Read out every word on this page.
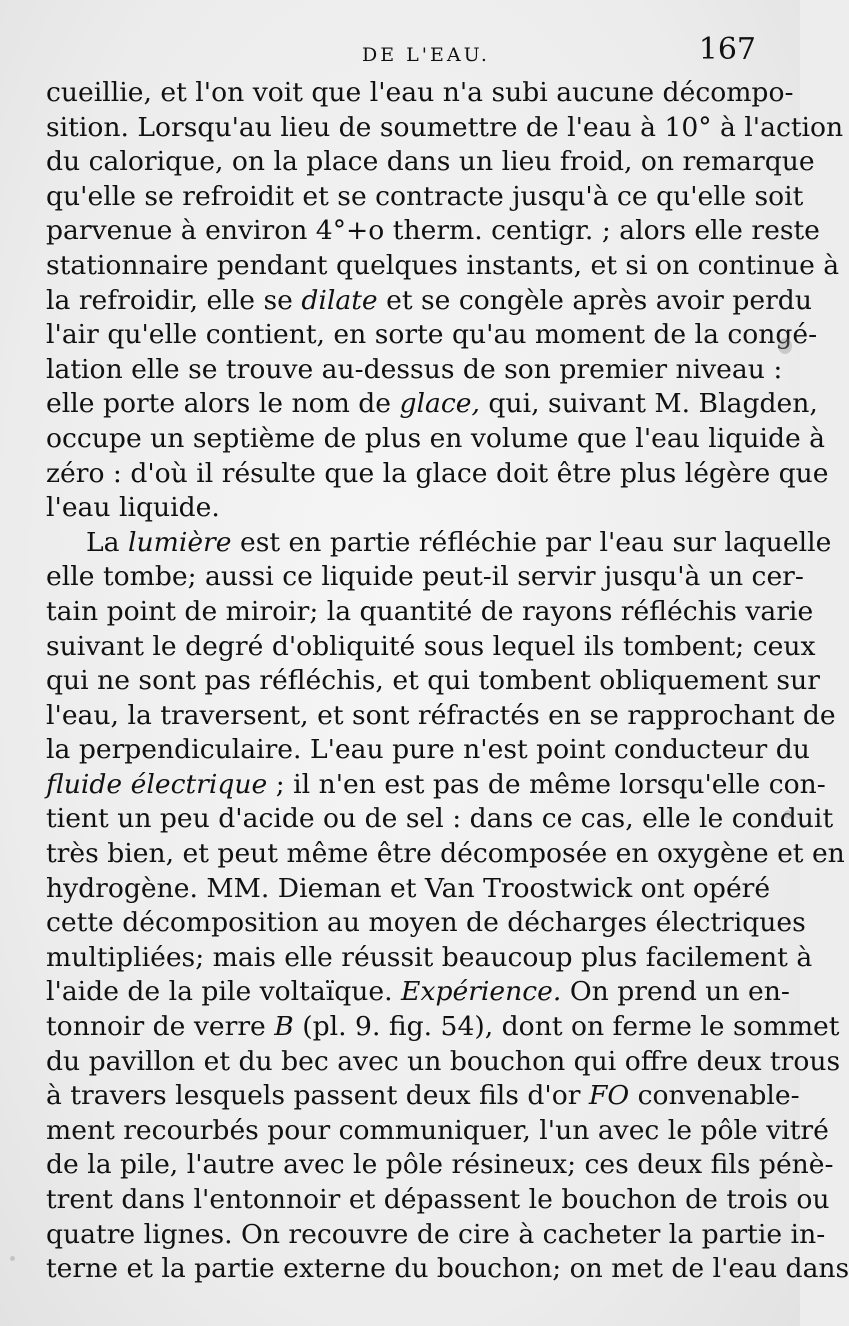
DE L'EAU.	167
cueillie, et l'on voit que l'eau n'a subi aucune décompo-
sition. Lorsqu'au lieu de soumettre de l'eau à 10° à l'action
du calorique, on la place dans un lieu froid, on remarque
qu'elle se refroidit et se contracte jusqu'à ce qu'elle soit
parvenue à environ 4°+o therm. centigr. ; alors elle reste
stationnaire pendant quelques instants, et si on continue à
la refroidir, elle se dilate et se congèle après avoir perdu
l'air qu'elle contient, en sorte qu'au moment de la congé-
lation elle se trouve au-dessus de son premier niveau :
elle porte alors le nom de glace, qui, suivant M. Blagden,
occupe un septième de plus en volume que l'eau liquide à
zéro : d'où il résulte que la glace doit être plus légère que
l'eau liquide.
La lumière est en partie réfléchie par l'eau sur laquelle
elle tombe; aussi ce liquide peut-il servir jusqu'à un cer-
tain point de miroir; la quantité de rayons réfléchis varie
suivant le degré d'obliquité sous lequel ils tombent; ceux
qui ne sont pas réfléchis, et qui tombent obliquement sur
l'eau, la traversent, et sont réfractés en se rapprochant de
la perpendiculaire. L'eau pure n'est point conducteur du
fluide électrique ; il n'en est pas de même lorsqu'elle con-
tient un peu d'acide ou de sel : dans ce cas, elle le conduit
très bien, et peut même être décomposée en oxygène et en
hydrogène. MM. Dieman et Van Troostwick ont opéré
cette décomposition au moyen de décharges électriques
multipliées; mais elle réussit beaucoup plus facilement à
l'aide de la pile voltaïque. Expérience. On prend un en-
tonnoir de verre B (pl. 9. fig. 54), dont on ferme le sommet
du pavillon et du bec avec un bouchon qui offre deux trous
à travers lesquels passent deux fils d'or FO convenable-
ment recourbés pour communiquer, l'un avec le pôle vitré
de la pile, l'autre avec le pôle résineux; ces deux fils pénè-
trent dans l'entonnoir et dépassent le bouchon de trois ou
quatre lignes. On recouvre de cire à cacheter la partie in-
terne et la partie externe du bouchon; on met de l'eau dans
